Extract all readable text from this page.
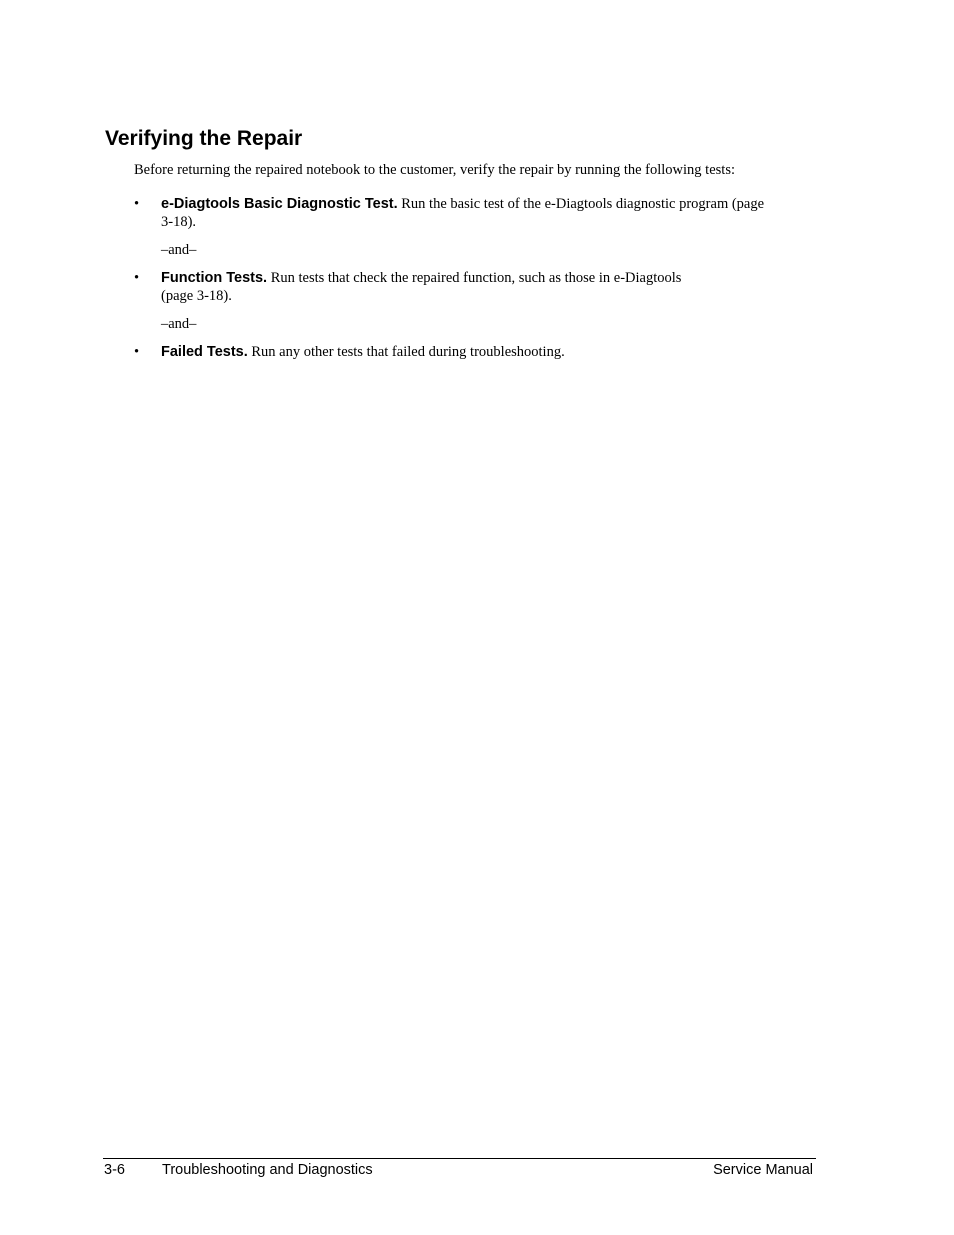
Verifying the Repair

Before returning the repaired notebook to the customer, verify the repair by running the following tests:

• e-Diagtools Basic Diagnostic Test. Run the basic test of the e-Diagtools diagnostic program (page
3-18).
–and–
• Function Tests. Run tests that check the repaired function, such as those in e-Diagtools
(page 3-18).
–and–
• Failed Tests. Run any other tests that failed during troubleshooting.
3-6	Troubleshooting and Diagnostics	Service Manual
